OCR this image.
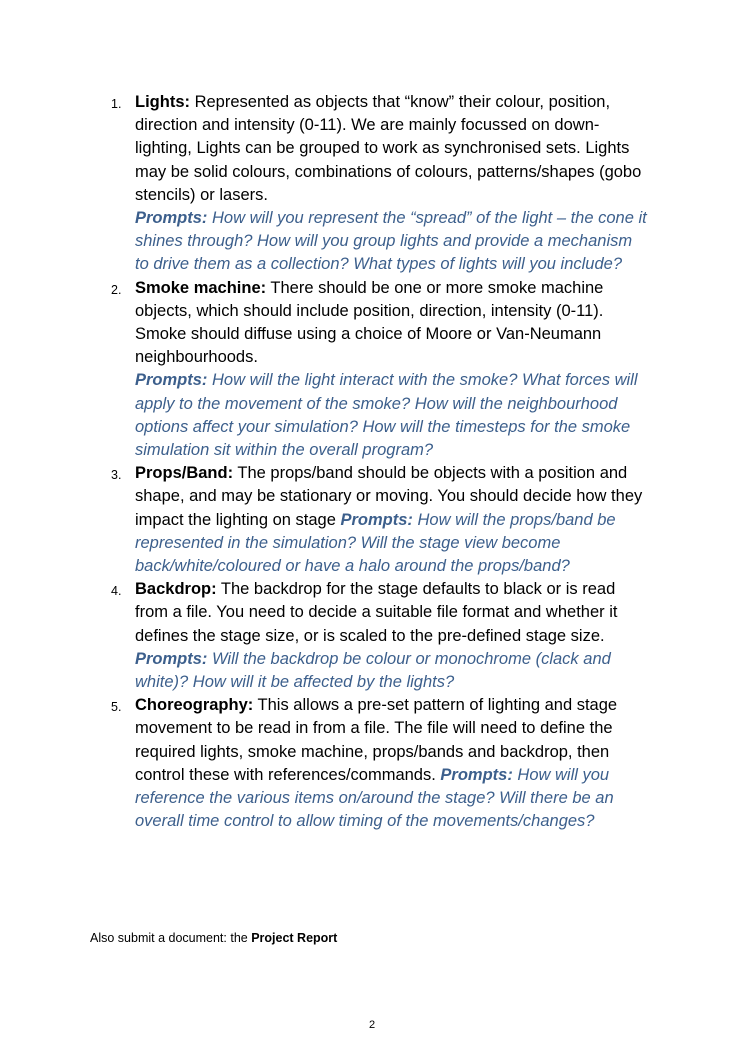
1. Lights: Represented as objects that “know” their colour, position, direction and intensity (0-11). We are mainly focussed on down-lighting, Lights can be grouped to work as synchronised sets. Lights may be solid colours, combinations of colours, patterns/shapes (gobo stencils) or lasers.
Prompts: How will you represent the “spread” of the light – the cone it shines through? How will you group lights and provide a mechanism to drive them as a collection? What types of lights will you include?
2. Smoke machine: There should be one or more smoke machine objects, which should include position, direction, intensity (0-11). Smoke should diffuse using a choice of Moore or Van-Neumann neighbourhoods.
Prompts: How will the light interact with the smoke? What forces will apply to the movement of the smoke? How will the neighbourhood options affect your simulation? How will the timesteps for the smoke simulation sit within the overall program?
3. Props/Band: The props/band should be objects with a position and shape, and may be stationary or moving. You should decide how they impact the lighting on stage Prompts: How will the props/band be represented in the simulation? Will the stage view become back/white/coloured or have a halo around the props/band?
4. Backdrop: The backdrop for the stage defaults to black or is read from a file. You need to decide a suitable file format and whether it defines the stage size, or is scaled to the pre-defined stage size.
Prompts: Will the backdrop be colour or monochrome (clack and white)? How will it be affected by the lights?
5. Choreography: This allows a pre-set pattern of lighting and stage movement to be read in from a file. The file will need to define the required lights, smoke machine, props/bands and backdrop, then control these with references/commands. Prompts: How will you reference the various items on/around the stage? Will there be an overall time control to allow timing of the movements/changes?
Also submit a document: the Project Report
2
